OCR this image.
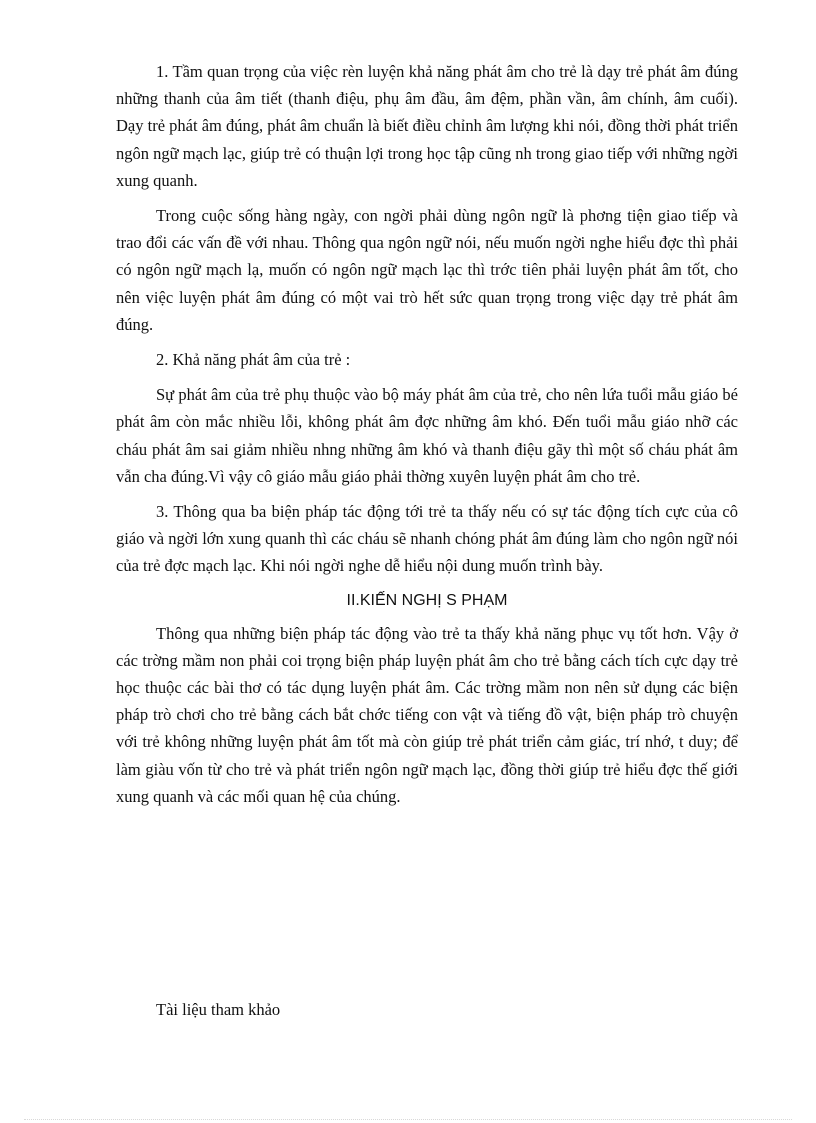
1. Tầm quan trọng của việc rèn luyện khả năng phát âm cho trẻ là dạy trẻ phát âm đúng những thanh của âm tiết (thanh điệu, phụ âm đầu, âm đệm, phần vần, âm chính, âm cuối). Dạy trẻ phát âm đúng, phát âm chuẩn là biết điều chỉnh âm lượng khi nói, đồng thời phát triển ngôn ngữ mạch lạc, giúp trẻ có thuận lợi trong học tập cũng nh trong giao tiếp với những ngời xung quanh.

Trong cuộc sống hàng ngày, con ngời phải dùng ngôn ngữ là phơng tiện giao tiếp và trao đổi các vấn đề với nhau. Thông qua ngôn ngữ nói, nếu muốn ngời nghe hiểu đợc thì phải có ngôn ngữ mạch lạ, muốn có ngôn ngữ mạch lạc thì trớc tiên phải luyện phát âm tốt, cho nên việc luyện phát âm đúng có một vai trò hết sức quan trọng trong việc dạy trẻ phát âm đúng.

2. Khả năng phát âm của trẻ :

Sự phát âm của trẻ phụ thuộc vào bộ máy phát âm của trẻ, cho nên lứa tuổi mẫu giáo bé phát âm còn mắc nhiều lỗi, không phát âm đợc những âm khó. Đến tuổi mẫu giáo nhỡ các cháu phát âm sai giảm nhiều nhng những âm khó và thanh điệu gãy thì một số cháu phát âm vẫn cha đúng.Vì vậy cô giáo mẫu giáo phải thờng xuyên luyện phát âm cho trẻ.

3. Thông qua ba biện pháp tác động tới trẻ ta thấy nếu có sự tác động tích cực của cô giáo và ngời lớn xung quanh thì các cháu sẽ nhanh chóng phát âm đúng làm cho ngôn ngữ nói của trẻ đợc mạch lạc. Khi nói ngời nghe dễ hiểu nội dung muốn trình bày.

II.KIẾN NGHỊ S PHẠM

Thông qua những biện pháp tác động vào trẻ ta thấy khả năng phục vụ tốt hơn. Vậy ở các trờng mầm non phải coi trọng biện pháp luyện phát âm cho trẻ bằng cách tích cực dạy trẻ học thuộc các bài thơ có tác dụng luyện phát âm. Các trờng mầm non nên sử dụng các biện pháp trò chơi cho trẻ bằng cách bắt chớc tiếng con vật và tiếng đồ vật, biện pháp trò chuyện với trẻ không những luyện phát âm tốt mà còn giúp trẻ phát triển cảm giác, trí nhớ, t duy; để làm giàu vốn từ cho trẻ và phát triển ngôn ngữ mạch lạc, đồng thời giúp trẻ hiểu đợc thế giới xung quanh và các mối quan hệ của chúng.

Tài liệu tham khảo
